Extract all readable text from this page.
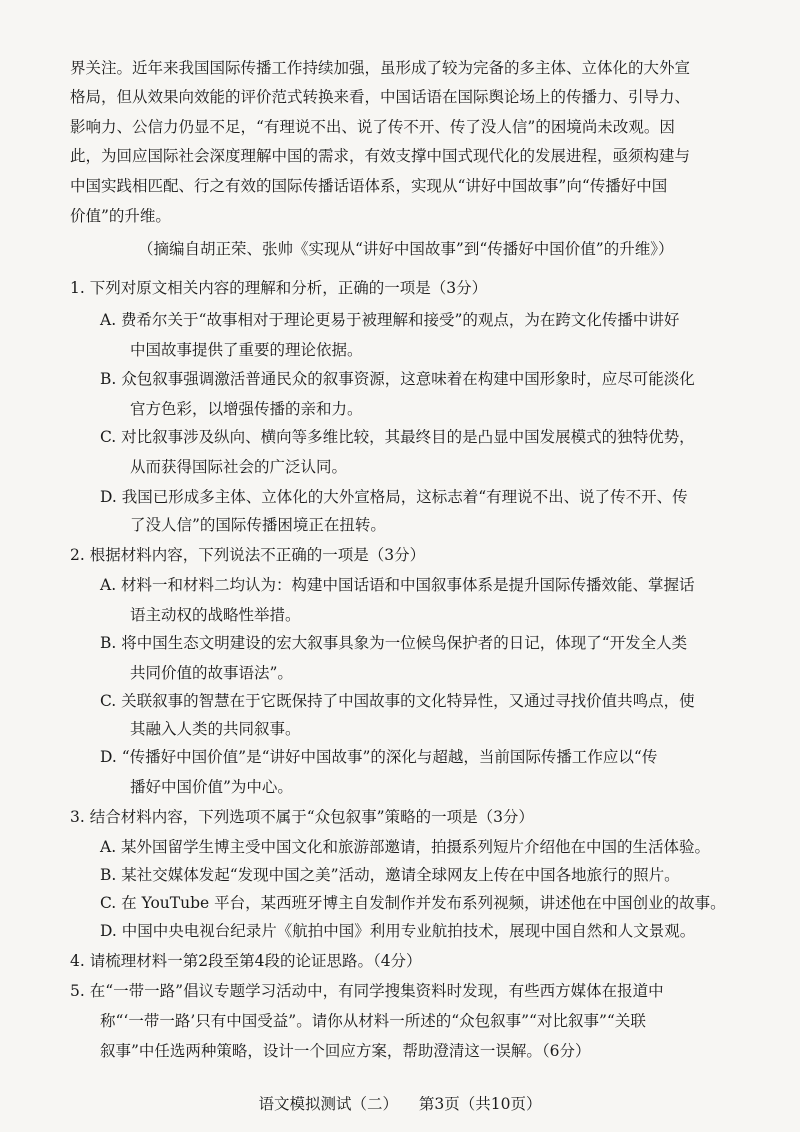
界关注。近年来我国国际传播工作持续加强，虽形成了较为完备的多主体、立体化的大外宣
格局，但从效果向效能的评价范式转换来看，中国话语在国际舆论场上的传播力、引导力、
影响力、公信力仍显不足，“有理说不出、说了传不开、传了没人信”的困境尚未改观。因
此，为回应国际社会深度理解中国的需求，有效支撑中国式现代化的发展进程，亟须构建与
中国实践相匹配、行之有效的国际传播话语体系，实现从“讲好中国故事”向“传播好中国
价值”的升维。
（摘编自胡正荣、张帅《实现从“讲好中国故事”到“传播好中国价值”的升维》）
1. 下列对原文相关内容的理解和分析，正确的一项是（3分）
A. 费希尔关于“故事相对于理论更易于被理解和接受”的观点，为在跨文化传播中讲好
中国故事提供了重要的理论依据。
B. 众包叙事强调激活普通民众的叙事资源，这意味着在构建中国形象时，应尽可能淡化
官方色彩，以增强传播的亲和力。
C. 对比叙事涉及纵向、横向等多维比较，其最终目的是凸显中国发展模式的独特优势，
从而获得国际社会的广泛认同。
D. 我国已形成多主体、立体化的大外宣格局，这标志着“有理说不出、说了传不开、传
了没人信”的国际传播困境正在扭转。
2. 根据材料内容，下列说法不正确的一项是（3分）
A. 材料一和材料二均认为：构建中国话语和中国叙事体系是提升国际传播效能、掌握话
语主动权的战略性举措。
B. 将中国生态文明建设的宏大叙事具象为一位候鸟保护者的日记，体现了“开发全人类
共同价值的故事语法”。
C. 关联叙事的智慧在于它既保持了中国故事的文化特异性，又通过寻找价值共鸣点，使
其融入人类的共同叙事。
D. “传播好中国价值”是“讲好中国故事”的深化与超越，当前国际传播工作应以“传
播好中国价值”为中心。
3. 结合材料内容，下列选项不属于“众包叙事”策略的一项是（3分）
A. 某外国留学生博主受中国文化和旅游部邀请，拍摄系列短片介绍他在中国的生活体验。
B. 某社交媒体发起“发现中国之美”活动，邀请全球网友上传在中国各地旅行的照片。
C. 在 YouTube 平台，某西班牙博主自发制作并发布系列视频，讲述他在中国创业的故事。
D. 中国中央电视台纪录片《航拍中国》利用专业航拍技术，展现中国自然和人文景观。
4. 请梳理材料一第2段至第4段的论证思路。（4分）
5. 在“一带一路”倡议专题学习活动中，有同学搜集资料时发现，有些西方媒体在报道中
称“‘一带一路’只有中国受益”。请你从材料一所述的“众包叙事”“对比叙事”“关联
叙事”中任选两种策略，设计一个回应方案，帮助澄清这一误解。（6分）
语文模拟测试（二） 第3页（共10页）
